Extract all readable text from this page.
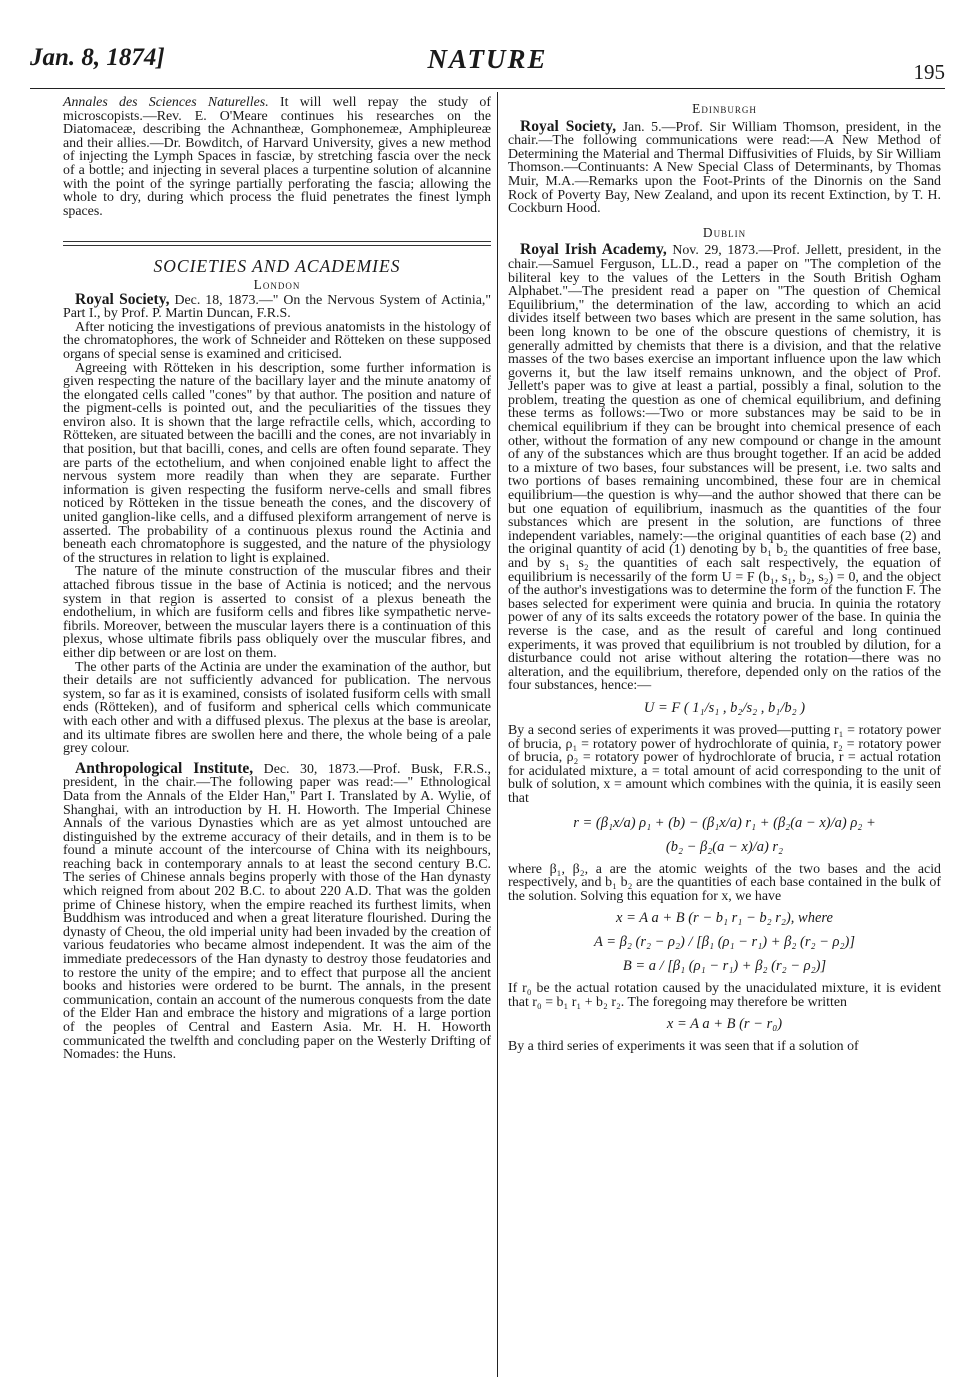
Jan. 8, 1874]	NATURE	195

Annales des Sciences Naturelles. It will well repay the study of microscopists.—Rev. E. O'Meare continues his researches on the Diatomaceæ, describing the Achnantheæ, Gomphonemeæ, Amphipleureæ and their allies.—Dr. Bowditch, of Harvard University, gives a new method of injecting the Lymph Spaces in fasciæ, by stretching fascia over the neck of a bottle; and injecting in several places a turpentine solution of alcannine with the point of the syringe partially perforating the fascia; allowing the whole to dry, during which process the fluid penetrates the finest lymph spaces.

SOCIETIES AND ACADEMIES
London

Royal Society, Dec. 18, 1873.—" On the Nervous System of Actinia," Part I., by Prof. P. Martin Duncan, F.R.S.

After noticing the investigations of previous anatomists in the histology of the chromatophores, the work of Schneider and Rötteken on these supposed organs of special sense is examined and criticised.

Agreeing with Rötteken in his description, some further information is given respecting the nature of the bacillary layer and the minute anatomy of the elongated cells called "cones" by that author. The position and nature of the pigment-cells is pointed out, and the peculiarities of the tissues they environ also. It is shown that the large refractile cells, which, according to Rötteken, are situated between the bacilli and the cones, are not invariably in that position, but that bacilli, cones, and cells are often found separate. They are parts of the ectothelium, and when conjoined enable light to affect the nervous system more readily than when they are separate. Further information is given respecting the fusiform nerve-cells and small fibres noticed by Rötteken in the tissue beneath the cones, and the discovery of united ganglion-like cells, and a diffused plexiform arrangement of nerve is asserted. The probability of a continuous plexus round the Actinia and beneath each chromatophore is suggested, and the nature of the physiology of the structures in relation to light is explained.

The nature of the minute construction of the muscular fibres and their attached fibrous tissue in the base of Actinia is noticed; and the nervous system in that region is asserted to consist of a plexus beneath the endothelium, in which are fusiform cells and fibres like sympathetic nerve-fibrils. Moreover, between the muscular layers there is a continuation of this plexus, whose ultimate fibrils pass obliquely over the muscular fibres, and either dip between or are lost on them.

The other parts of the Actinia are under the examination of the author, but their details are not sufficiently advanced for publication. The nervous system, so far as it is examined, consists of isolated fusiform cells with small ends (Rötteken), and of fusiform and spherical cells which communicate with each other and with a diffused plexus. The plexus at the base is areolar, and its ultimate fibres are swollen here and there, the whole being of a pale grey colour.

Anthropological Institute, Dec. 30, 1873.—Prof. Busk, F.R.S., president, in the chair.—The following paper was read:—" Ethnological Data from the Annals of the Elder Han," Part I. Translated by A. Wylie, of Shanghai, with an introduction by H. H. Howorth. The Imperial Chinese Annals of the various Dynasties which are as yet almost untouched are distinguished by the extreme accuracy of their details, and in them is to be found a minute account of the intercourse of China with its neighbours, reaching back in contemporary annals to at least the second century B.C. The series of Chinese annals begins properly with those of the Han dynasty which reigned from about 202 B.C. to about 220 A.D. That was the golden prime of Chinese history, when the empire reached its furthest limits, when Buddhism was introduced and when a great literature flourished. During the dynasty of Cheou, the old imperial unity had been invaded by the creation of various feudatories who became almost independent. It was the aim of the immediate predecessors of the Han dynasty to destroy those feudatories and to restore the unity of the empire; and to effect that purpose all the ancient books and histories were ordered to be burnt. The annals, in the present communication, contain an account of the numerous conquests from the date of the Elder Han and embrace the history and migrations of a large portion of the peoples of Central and Eastern Asia. Mr. H. H. Howorth communicated the twelfth and concluding paper on the Westerly Drifting of Nomades: the Huns.

Edinburgh

Royal Society, Jan. 5.—Prof. Sir William Thomson, president, in the chair.—The following communications were read:—A New Method of Determining the Material and Thermal Diffusivities of Fluids, by Sir William Thomson.—Continuants: A New Special Class of Determinants, by Thomas Muir, M.A.—Remarks upon the Foot-Prints of the Dinornis on the Sand Rock of Poverty Bay, New Zealand, and upon its recent Extinction, by T. H. Cockburn Hood.

Dublin

Royal Irish Academy, Nov. 29, 1873.—Prof. Jellett, president, in the chair.—Samuel Ferguson, LL.D., read a paper on "The completion of the biliteral key to the values of the Letters in the South British Ogham Alphabet."—The president read a paper on "The question of Chemical Equilibrium," the determination of the law, according to which an acid divides itself between two bases which are present in the same solution, has been long known to be one of the obscure questions of chemistry, it is generally admitted by chemists that there is a division, and that the relative masses of the two bases exercise an important influence upon the law which governs it, but the law itself remains unknown, and the object of Prof. Jellett's paper was to give at least a partial, possibly a final, solution to the problem, treating the question as one of chemical equilibrium, and defining these terms as follows:—Two or more substances may be said to be in chemical equilibrium if they can be brought into chemical presence of each other, without the formation of any new compound or change in the amount of any of the substances which are thus brought together. If an acid be added to a mixture of two bases, four substances will be present, i.e. two salts and two portions of bases remaining uncombined, these four are in chemical equilibrium—the question is why—and the author showed that there can be but one equation of equilibrium, inasmuch as the quantities of the four substances which are present in the solution, are functions of three independent variables, namely:—the original quantities of each base (2) and the original quantity of acid (1) denoting by b₁ b₂ the quantities of free base, and by s₁ s₂ the quantities of each salt respectively, the equation of equilibrium is necessarily of the form U = F (b₁, s₁, b₂, s₂) = 0, and the object of the author's investigations was to determine the form of the function F. The bases selected for experiment were quinia and brucia. In quinia the rotatory power of any of its salts exceeds the rotatory power of the base. In quinia the reverse is the case, and as the result of careful and long continued experiments, it was proved that equilibrium is not troubled by dilution, for a disturbance could not arise without altering the rotation—there was no alteration, and the equilibrium, therefore, depended only on the ratios of the four substances, hence:—

U = F ( 1₁/s₁ , b₂/s₂ , b₁/b₂ )

By a second series of experiments it was proved—putting r₁ = rotatory power of brucia, ρ₁ = rotatory power of hydrochlorate of quinia, r₂ = rotatory power of brucia, ρ₂ = rotatory power of hydrochlorate of brucia, r = actual rotation for acidulated mixture, a = total amount of acid corresponding to the unit of bulk of solution, x = amount which combines with the quinia, it is easily seen that

r = (β₁x/a) ρ₁ + (b) − (β₁x/a) r₁ + (β₂(a − x)/a) ρ₂ +
(b₂ − β₂(a − x)/a) r₂

where β₁, β₂, a are the atomic weights of the two bases and the acid respectively, and b₁ b₂ are the quantities of each base contained in the bulk of the solution. Solving this equation for x, we have

x = A a + B (r − b₁ r₁ − b₂ r₂), where
A = β₂ (r₂ − ρ₂) / [β₁ (ρ₁ − r₁) + β₂ (r₂ − ρ₂)]
B = a / [β₁ (ρ₁ − r₁) + β₂ (r₂ − ρ₂)]

If r₀ be the actual rotation caused by the unacidulated mixture, it is evident that r₀ = b₁ r₁ + b₂ r₂. The foregoing may therefore be written

x = A a + B (r − r₀)

By a third series of experiments it was seen that if a solution of
